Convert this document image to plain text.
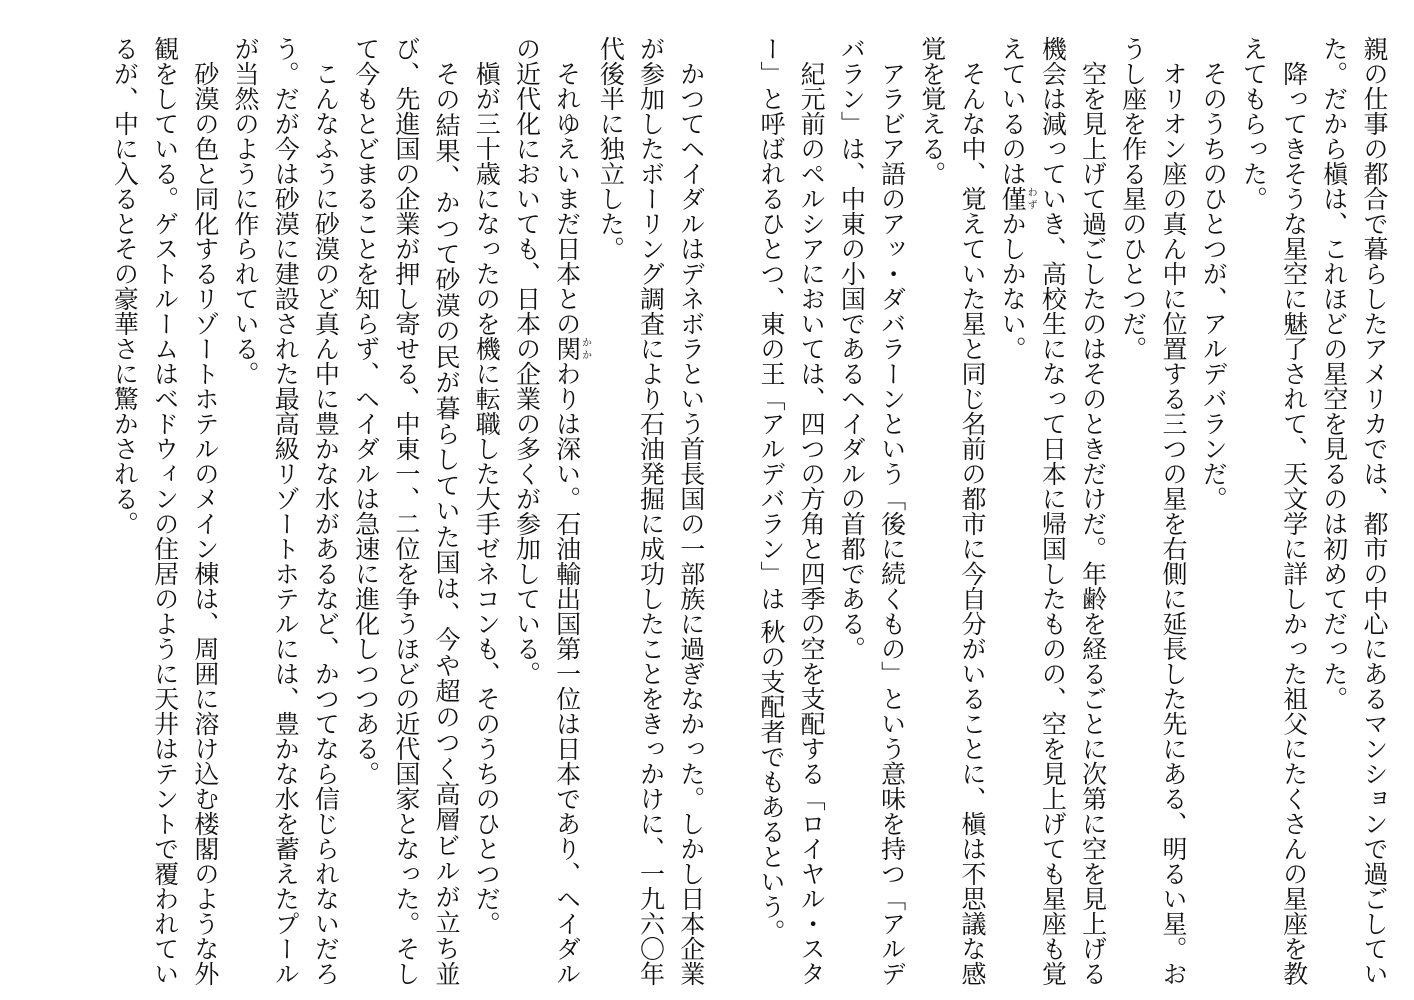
親の仕事の都合で暮らしたアメリカでは、都市の中心にあるマンションで過ごしていた。だから槇は、これほどの星空を見るのは初めてだった。

降ってきそうな星空に魅了されて、天文学に詳しかった祖父にたくさんの星座を教えてもらった。

そのうちのひとつが、アルデバランだ。

オリオン座の真ん中に位置する三つの星を右側に延長した先にある、明るい星。おうし座を作る星のひとつだ。

空を見上げて過ごしたのはそのときだけだ。年齢を経るごとに次第に空を見上げる機会は減っていき、高校生になって日本に帰国したものの、空を見上げても星座も覚えているのは僅わずかしかない。

そんな中、覚えていた星と同じ名前の都市に今自分がいることに、槇は不思議な感覚を覚える。

アラビア語のアッ・ダバラーンという「後に続くもの」という意味を持つ「アルデバラン」は、中東の小国であるヘイダルの首都である。

紀元前のペルシアにおいては、四つの方角と四季の空を支配する「ロイヤル・スター」と呼ばれるひとつ、東の王「アルデバラン」は 秋の支配者でもあるという。

かつてヘイダルはデネボラという首長国の一部族に過ぎなかった。しかし日本企業が参加したボーリング調査により石油発掘に成功したことをきっかけに、一九六〇年代後半に独立した。

それゆえいまだ日本との関かかわりは深い。石油輸出国第一位は日本であり、ヘイダルの近代化においても、日本の企業の多くが参加している。

槇が三十歳になったのを機に転職した大手ゼネコンも、そのうちのひとつだ。

その結果、かつて砂漠の民が暮らしていた国は、今や超のつく高層ビルが立ち並び、先進国の企業が押し寄せる、中東一、二位を争うほどの近代国家となった。そして今もとどまることを知らず、ヘイダルは急速に進化しつつある。

こんなふうに砂漠のど真ん中に豊かな水があるなど、かつてなら信じられないだろう。だが今は砂漠に建設された最高級リゾートホテルには、豊かな水を蓄えたプールが当然のように作られている。

砂漠の色と同化するリゾートホテルのメイン棟は、周囲に溶け込む楼閣のような外観をしている。ゲストルームはベドウィンの住居のように天井はテントで覆われているが、中に入るとその豪華さに驚かされる。
